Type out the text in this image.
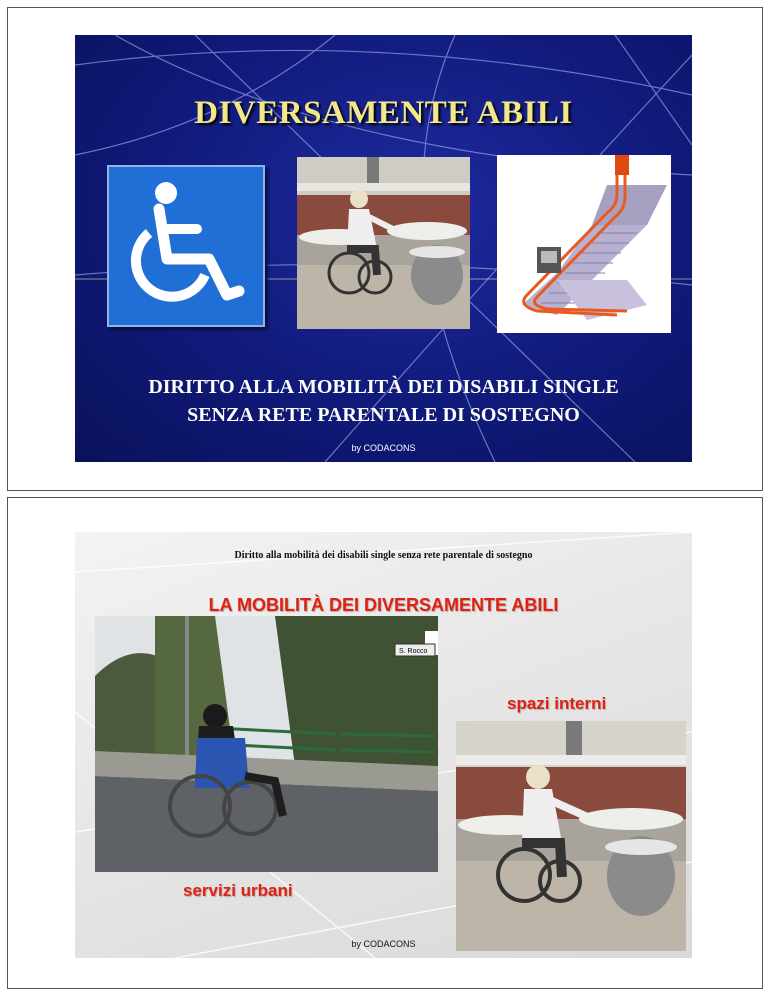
DIVERSAMENTE ABILI
DIRITTO ALLA MOBILITÀ DEI DISABILI SINGLE
SENZA RETE PARENTALE DI SOSTEGNO
by CODACONS
Diritto alla mobilità dei disabili single senza rete parentale di sostegno
LA MOBILITÀ DEI DIVERSAMENTE ABILI
S. Rocco
spazi interni
servizi urbani
by CODACONS
